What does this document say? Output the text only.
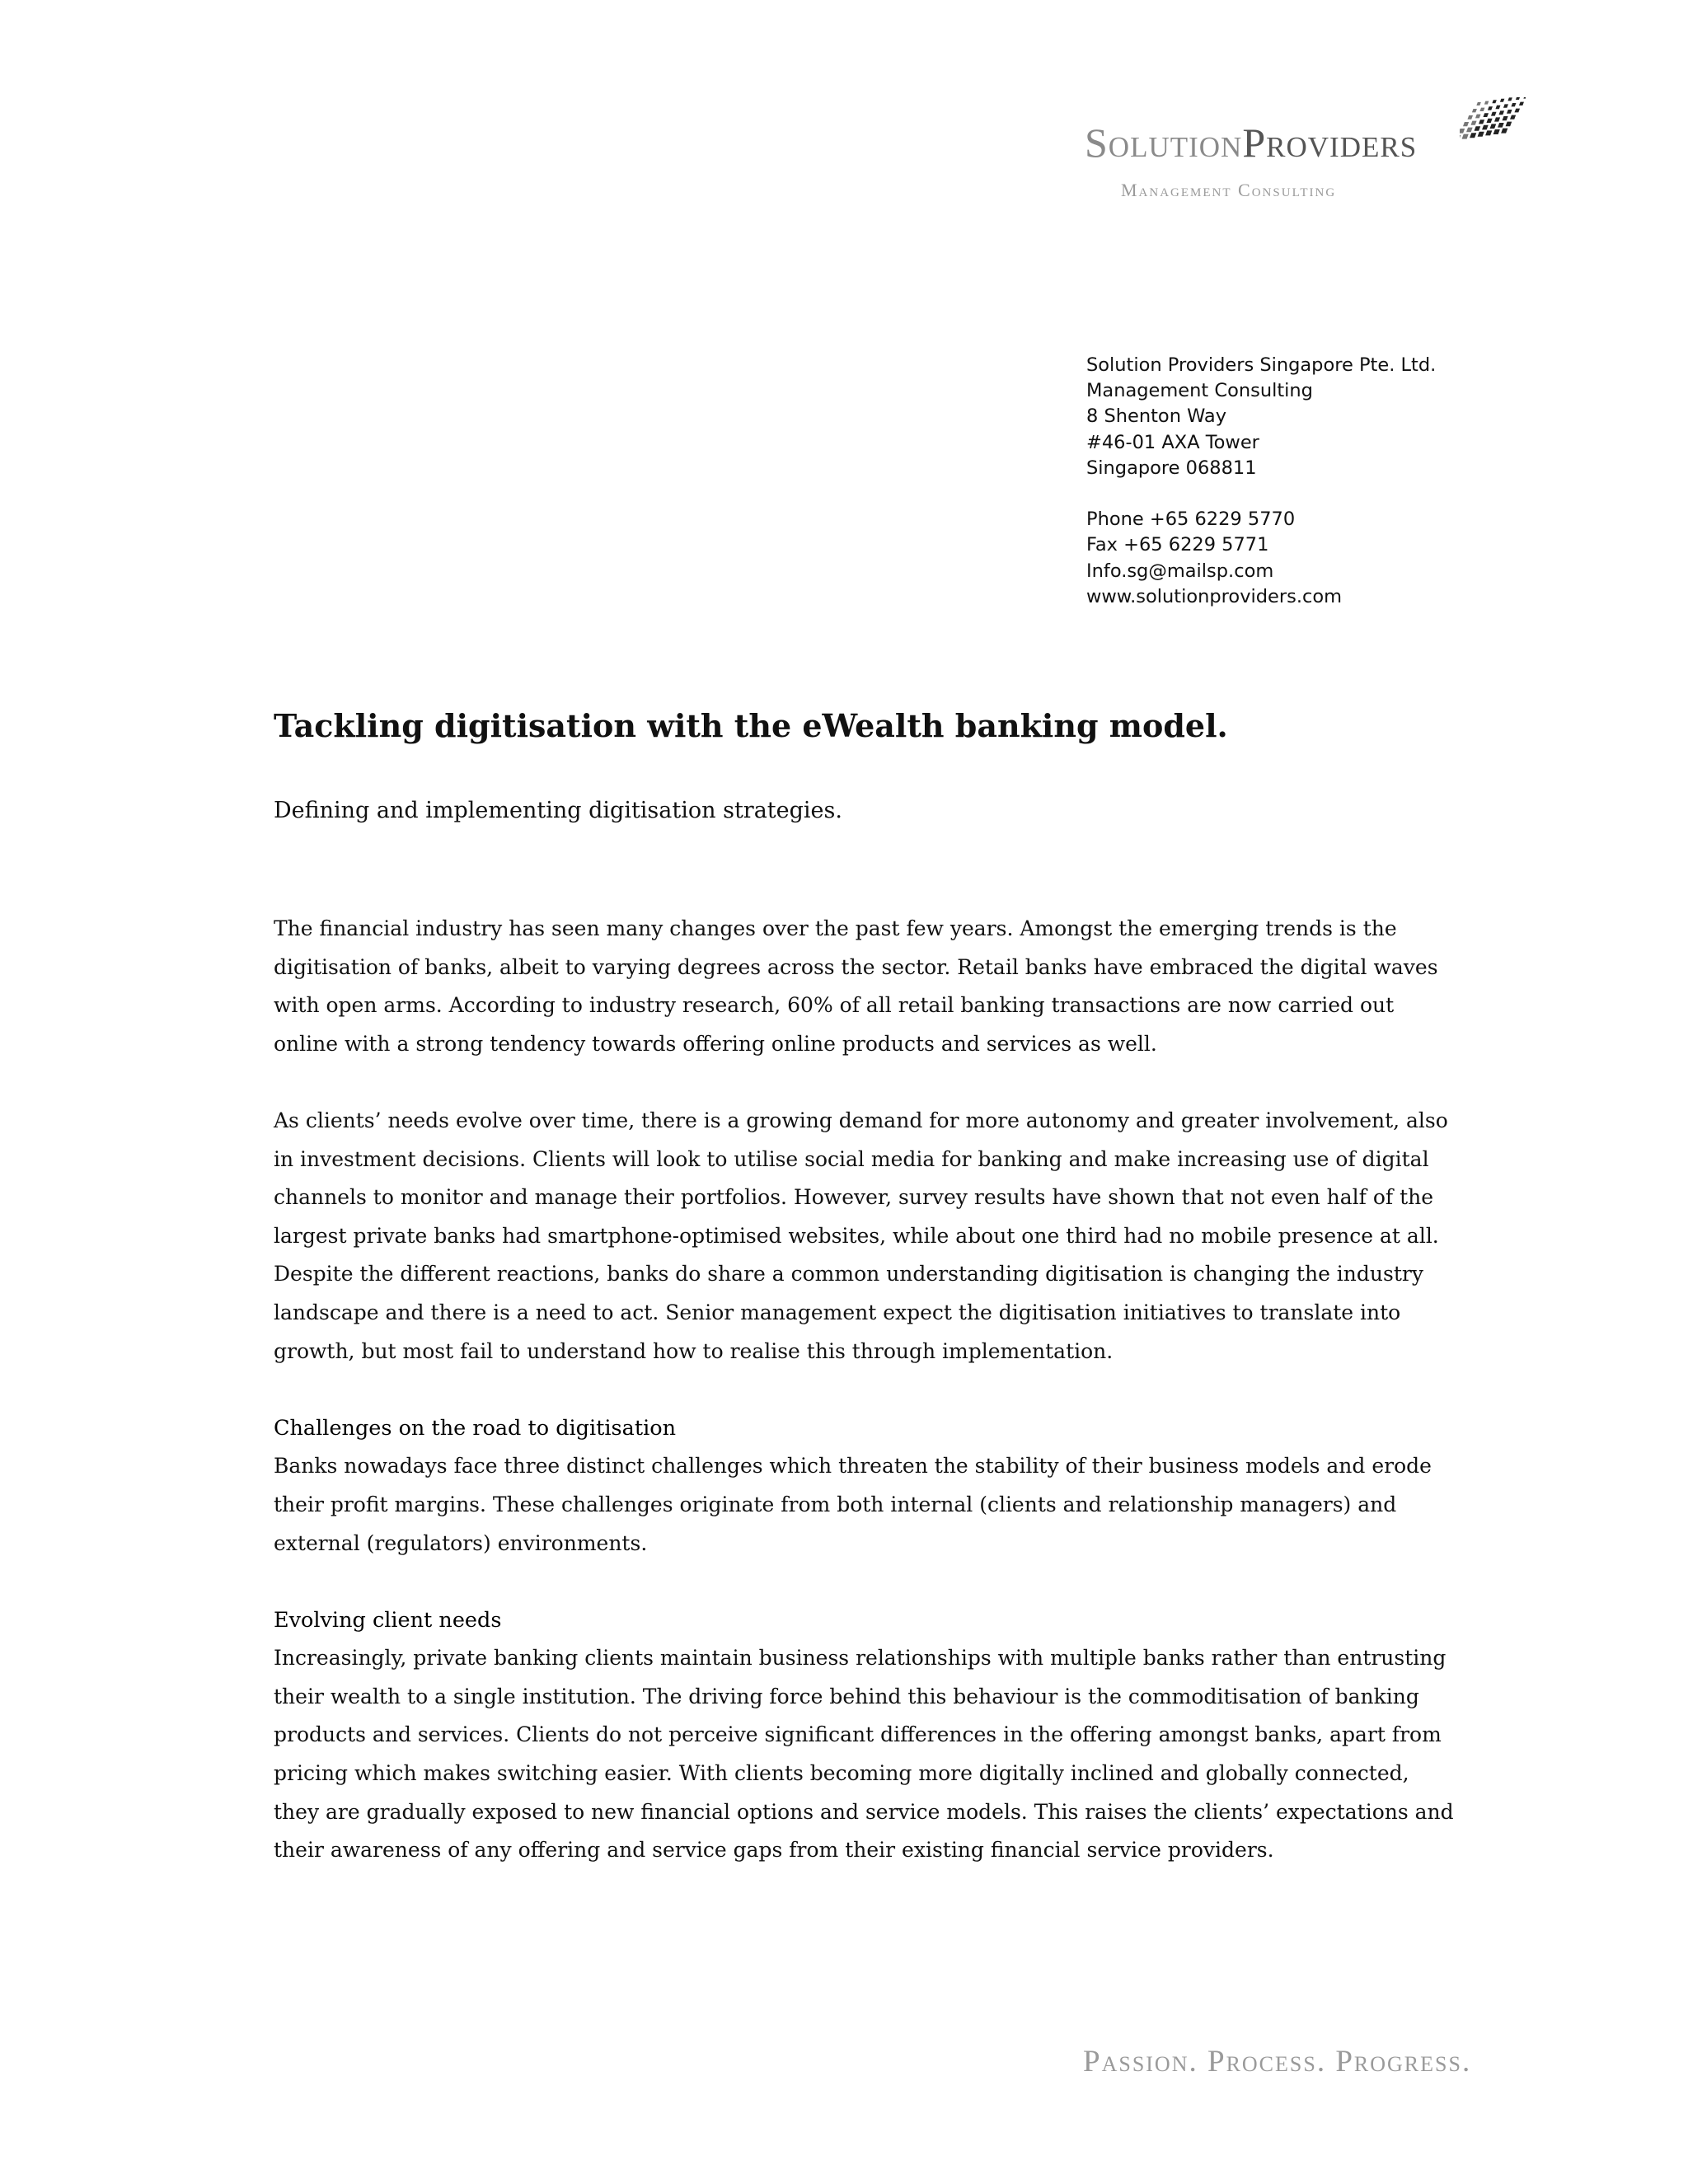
SolutionProviders
Management Consulting
Solution Providers Singapore Pte. Ltd.
Management Consulting
8 Shenton Way
#46-01 AXA Tower
Singapore 068811
Phone +65 6229 5770
Fax +65 6229 5771
Info.sg@mailsp.com
www.solutionproviders.com
Tackling digitisation with the eWealth banking model.

Defining and implementing digitisation strategies.

The financial industry has seen many changes over the past few years. Amongst the emerging trends is the digitisation of banks, albeit to varying degrees across the sector. Retail banks have embraced the digital waves with open arms. According to industry research, 60% of all retail banking transactions are now carried out online with a strong tendency towards offering online products and services as well.

As clients’ needs evolve over time, there is a growing demand for more autonomy and greater involvement, also in investment decisions. Clients will look to utilise social media for banking and make increasing use of digital channels to monitor and manage their portfolios. However, survey results have shown that not even half of the largest private banks had smartphone-optimised websites, while about one third had no mobile presence at all. Despite the different reactions, banks do share a common understanding digitisation is changing the industry landscape and there is a need to act. Senior management expect the digitisation initiatives to translate into growth, but most fail to understand how to realise this through implementation.

Challenges on the road to digitisation
Banks nowadays face three distinct challenges which threaten the stability of their business models and erode their profit margins. These challenges originate from both internal (clients and relationship managers) and external (regulators) environments.

Evolving client needs
Increasingly, private banking clients maintain business relationships with multiple banks rather than entrusting their wealth to a single institution. The driving force behind this behaviour is the commoditisation of banking products and services. Clients do not perceive significant differences in the offering amongst banks, apart from pricing which makes switching easier. With clients becoming more digitally inclined and globally connected, they are gradually exposed to new financial options and service models. This raises the clients’ expectations and their awareness of any offering and service gaps from their existing financial service providers.

Passion. Process. Progress.
